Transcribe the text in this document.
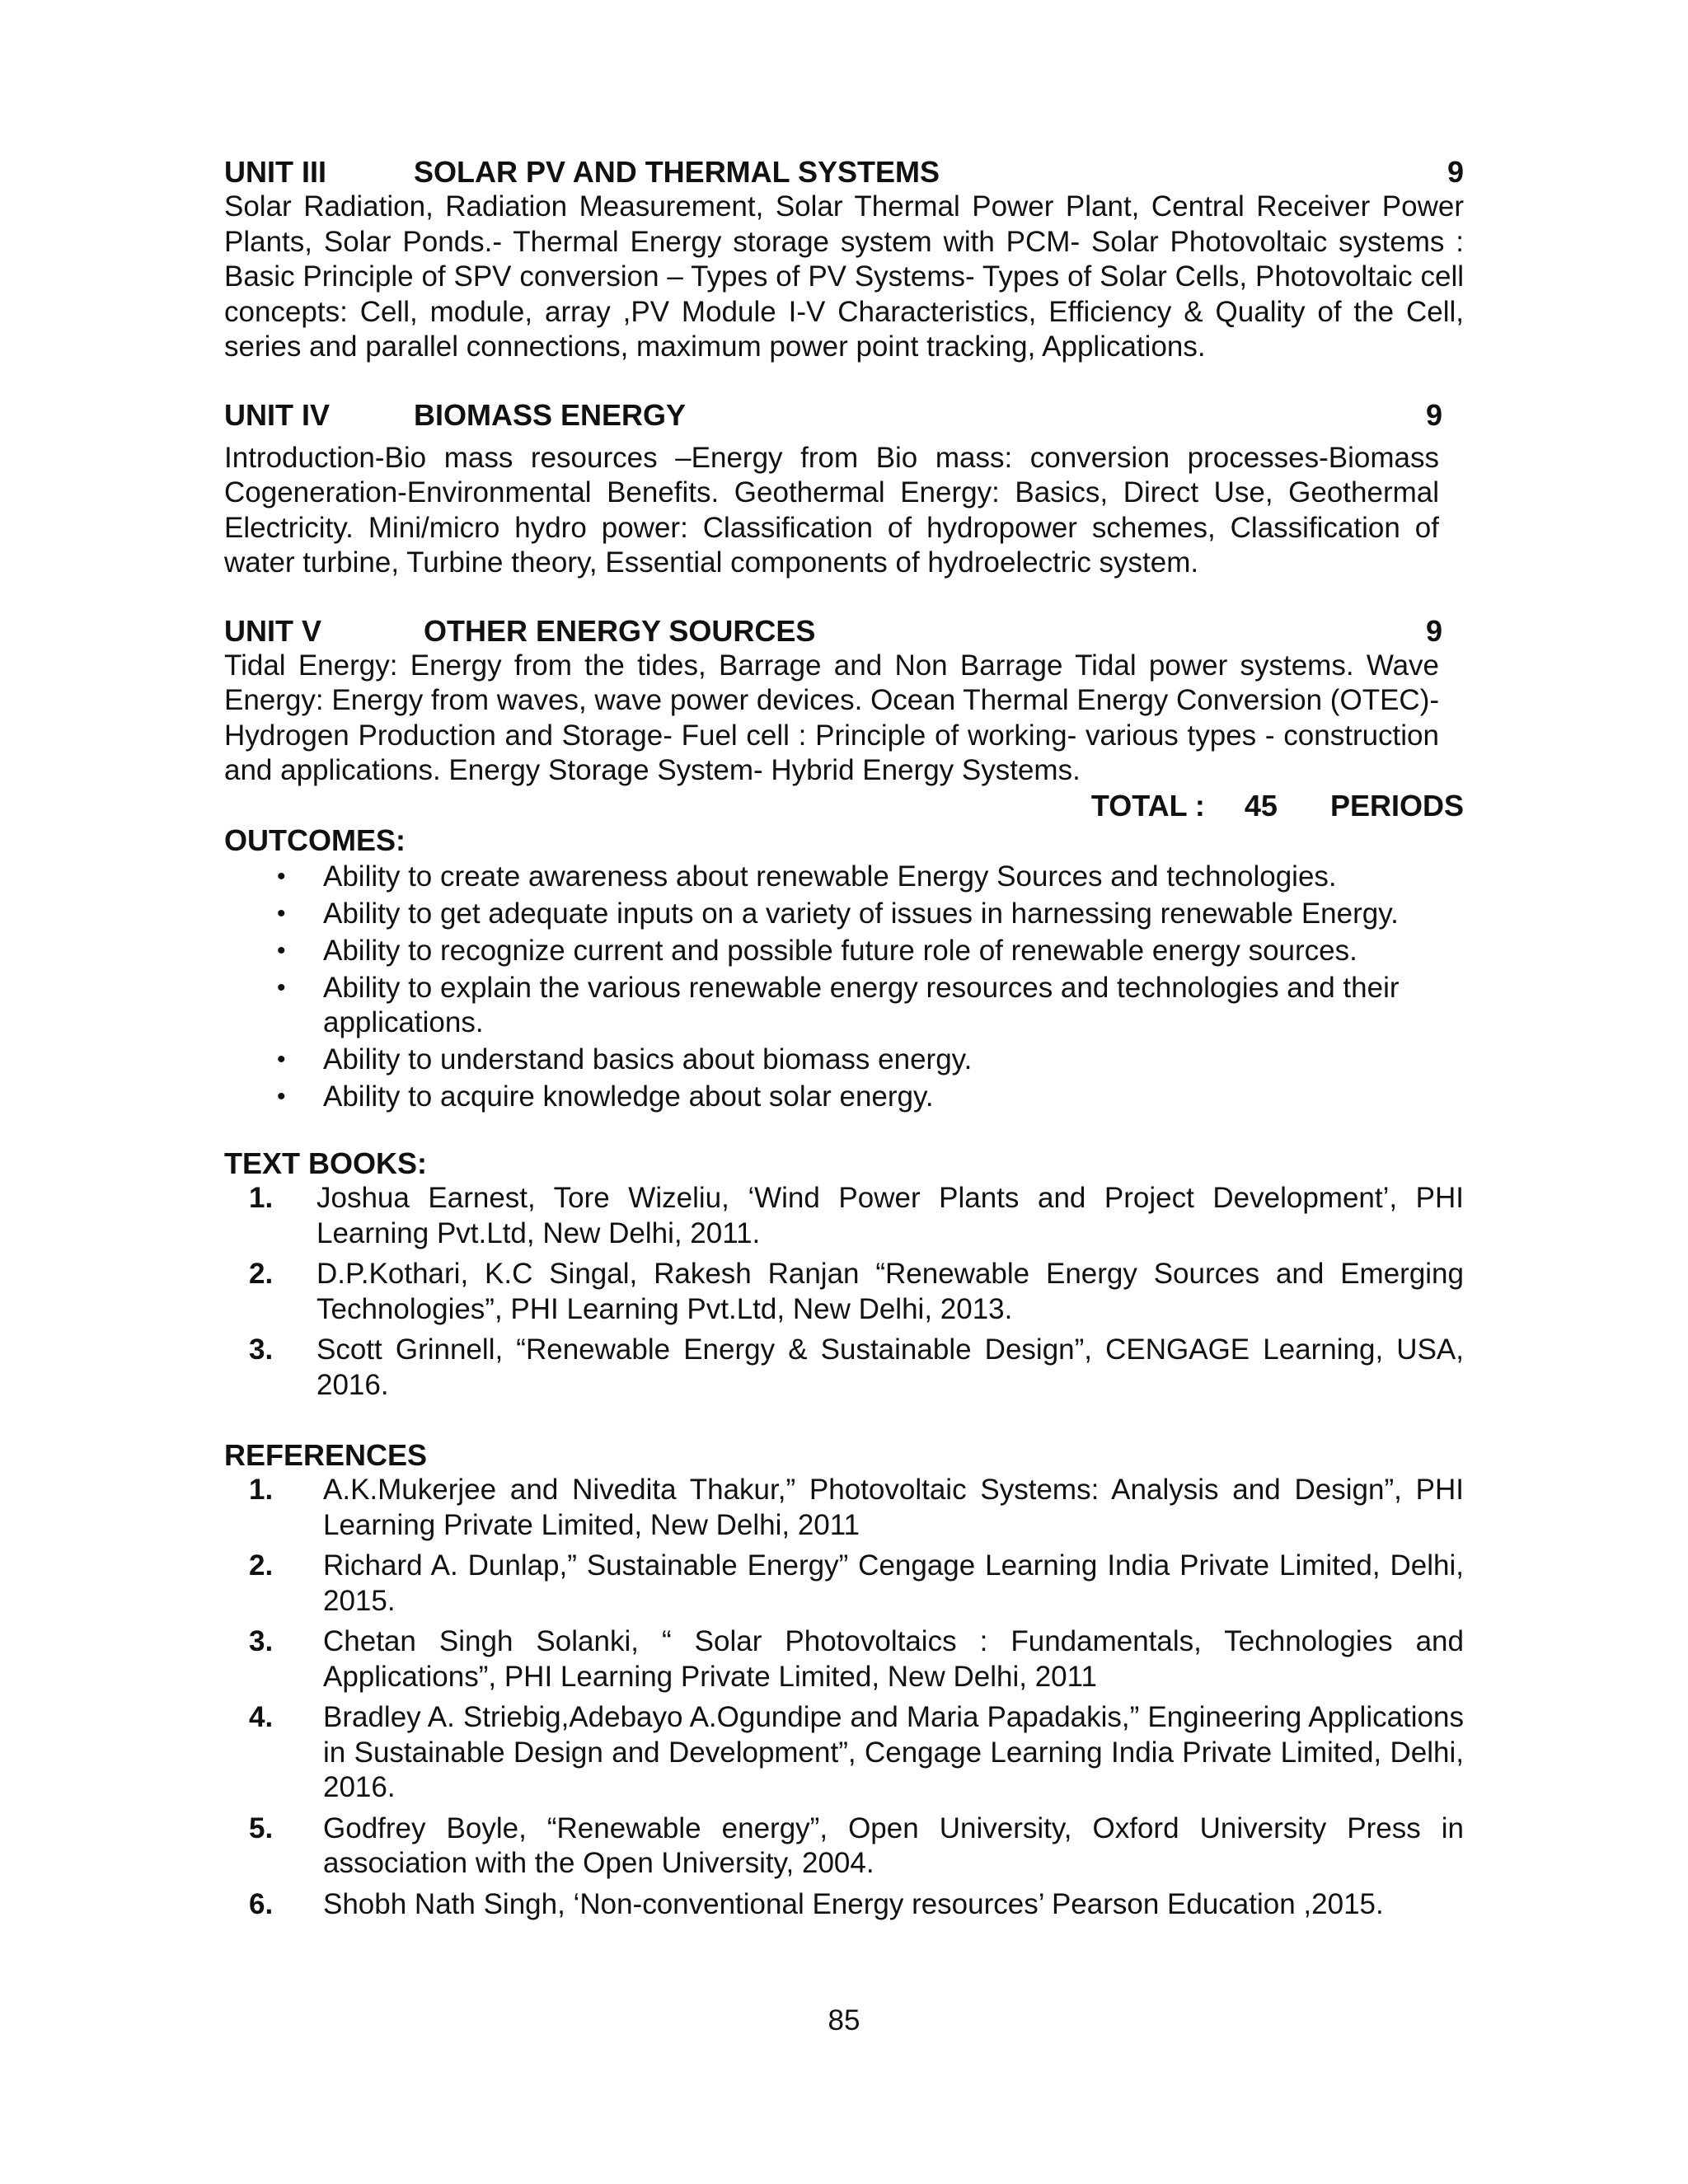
UNIT III	SOLAR PV AND THERMAL SYSTEMS	9

Solar Radiation, Radiation Measurement, Solar Thermal Power Plant, Central Receiver Power Plants, Solar Ponds.- Thermal Energy storage system with PCM- Solar Photovoltaic systems : Basic Principle of SPV conversion – Types of PV Systems- Types of Solar Cells, Photovoltaic cell concepts: Cell, module, array ,PV Module I-V Characteristics, Efficiency & Quality of the Cell, series and parallel connections, maximum power point tracking, Applications.

UNIT IV	BIOMASS ENERGY	9

Introduction-Bio mass resources –Energy from Bio mass: conversion processes-Biomass Cogeneration-Environmental Benefits. Geothermal Energy: Basics, Direct Use, Geothermal Electricity. Mini/micro hydro power: Classification of hydropower schemes, Classification of water turbine, Turbine theory, Essential components of hydroelectric system.

UNIT V	OTHER ENERGY SOURCES	9

Tidal Energy: Energy from the tides, Barrage and Non Barrage Tidal power systems. Wave Energy: Energy from waves, wave power devices. Ocean Thermal Energy Conversion (OTEC)- Hydrogen Production and Storage- Fuel cell : Principle of working- various types - construction and applications. Energy Storage System- Hybrid Energy Systems.

TOTAL : 45 PERIODS
OUTCOMES:
• Ability to create awareness about renewable Energy Sources and technologies.
• Ability to get adequate inputs on a variety of issues in harnessing renewable Energy.
• Ability to recognize current and possible future role of renewable energy sources.
• Ability to explain the various renewable energy resources and technologies and their applications.
• Ability to understand basics about biomass energy.
• Ability to acquire knowledge about solar energy.
TEXT BOOKS:
1. Joshua Earnest, Tore Wizeliu, ‘Wind Power Plants and Project Development’, PHI Learning Pvt.Ltd, New Delhi, 2011.
2. D.P.Kothari, K.C Singal, Rakesh Ranjan “Renewable Energy Sources and Emerging Technologies”, PHI Learning Pvt.Ltd, New Delhi, 2013.
3. Scott Grinnell, “Renewable Energy & Sustainable Design”, CENGAGE Learning, USA, 2016.
REFERENCES
1. A.K.Mukerjee and Nivedita Thakur,” Photovoltaic Systems: Analysis and Design”, PHI Learning Private Limited, New Delhi, 2011
2. Richard A. Dunlap,” Sustainable Energy” Cengage Learning India Private Limited, Delhi, 2015.
3. Chetan Singh Solanki, “ Solar Photovoltaics : Fundamentals, Technologies and Applications”, PHI Learning Private Limited, New Delhi, 2011
4. Bradley A. Striebig,Adebayo A.Ogundipe and Maria Papadakis,” Engineering Applications in Sustainable Design and Development”, Cengage Learning India Private Limited, Delhi, 2016.
5. Godfrey Boyle, “Renewable energy”, Open University, Oxford University Press in association with the Open University, 2004.
6. Shobh Nath Singh, ‘Non-conventional Energy resources’ Pearson Education ,2015.
85
